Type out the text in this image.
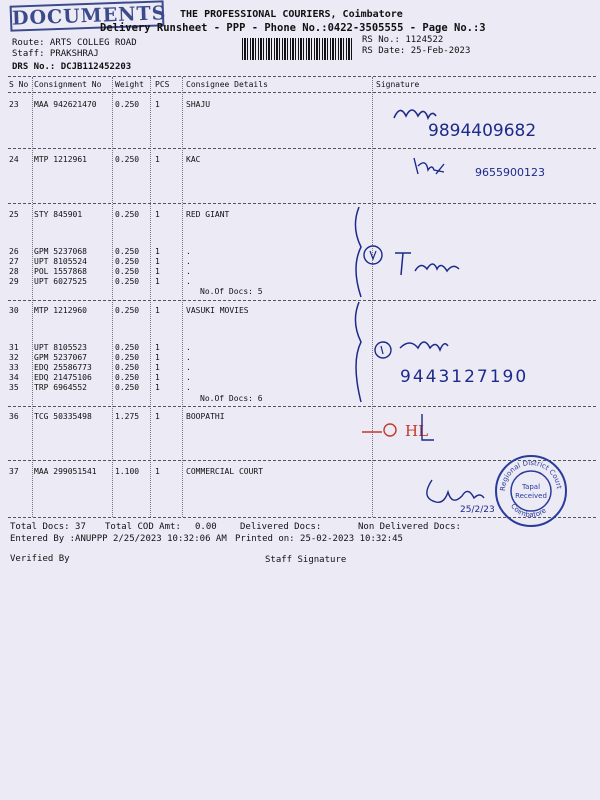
DOCUMENTS THE PROFESSIONAL COURIERS, Coimbatore
Delivery Runsheet - PPP - Phone No.:0422-3505555 - Page No.:3
Route: ARTS COLLEG ROAD
Staff: PRAKSHRAJ
DRS No.: DCJB112452203
RS No.: 1124522
RS Date: 25-Feb-2023
S No Consignment No Weight PCS Consignee Details	Signature
23 MAA 942621470 0.250 1	SHAJU
24 MTP 1212961	0.250 1	KAC
25 STY 845901	0.250 1	RED GIANT
26 GPM 5237068	0.250 1	.
27 UPT 8105524	0.250 1	.
28 POL 1557868	0.250 1	.
29 UPT 6027525	0.250 1	.
No.Of Docs: 5
30 MTP 1212960	0.250 1	VASUKI MOVIES
31 UPT 8105523	0.250 1	.
32 GPM 5237067	0.250 1	.
33 EDQ 25586773	0.250 1	.
34 EDQ 21475106	0.250 1	.
35 TRP 6964552	0.250 1	.
No.Of Docs: 6
36 TCG 50335498	1.275 1	BOOPATHI
37 MAA 299051541 1.100 1	COMMERCIAL COURT
9894409682
9655900123
9443127190
HL
25/2/23
Regional District Court
Coimbatore
Tapal
Received
Total Docs: 37 Total COD Amt: 0.00	Delivered Docs:	Non Delivered Docs:
Entered By :ANUPPP 2/25/2023 10:32:06 AM Printed on: 25-02-2023 10:32:45
Verified By	Staff Signature
